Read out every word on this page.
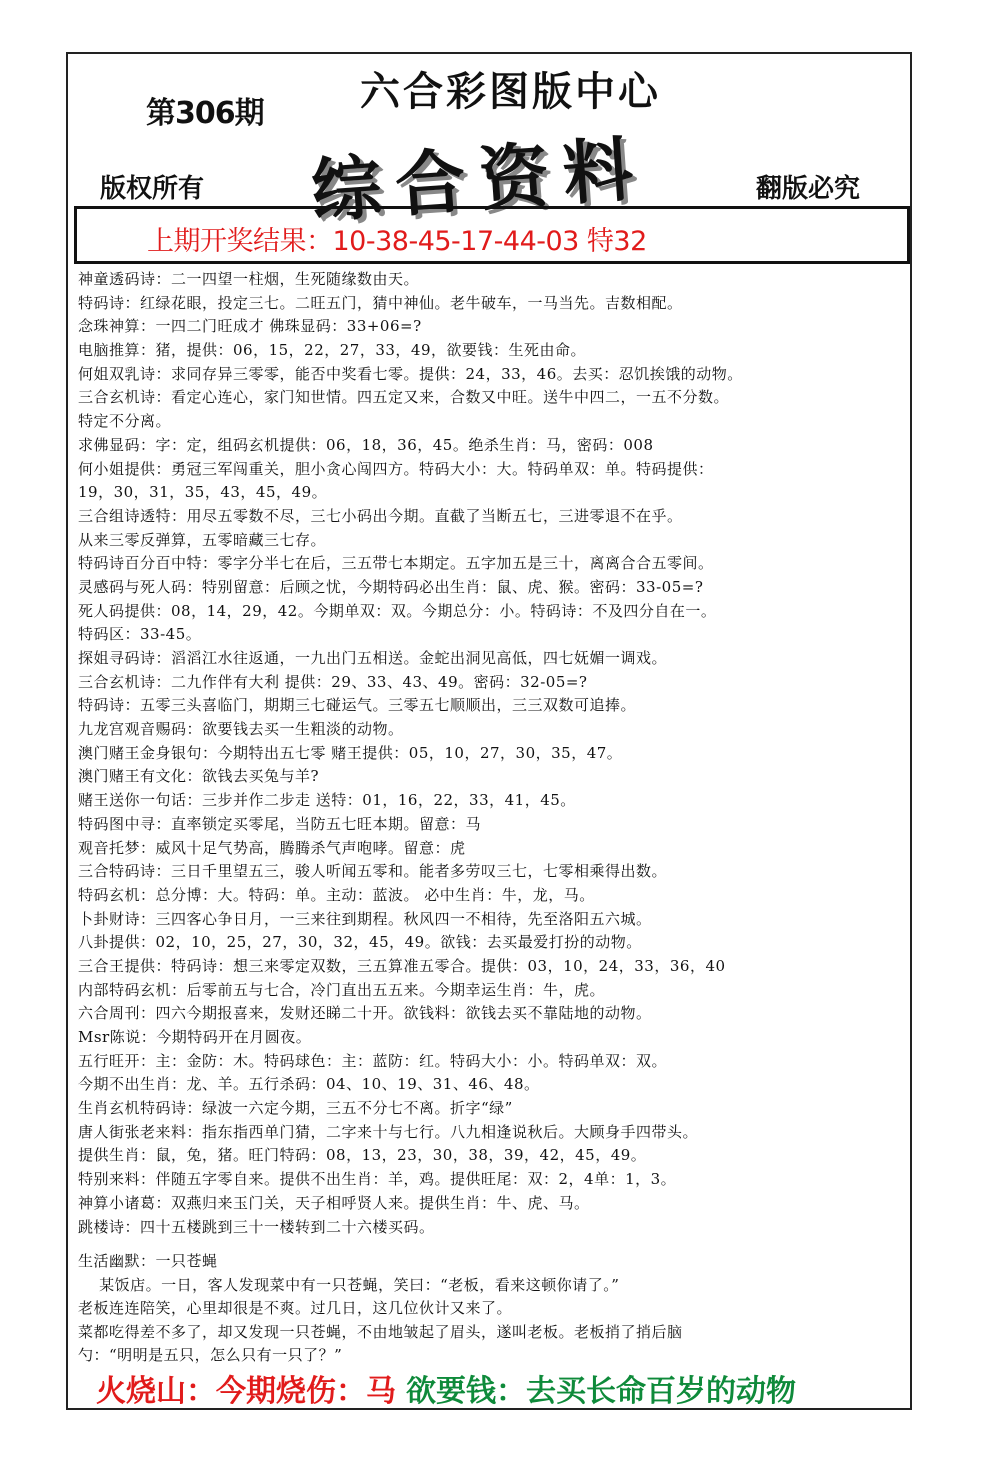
第306期 六合彩图版中心
综合资料
版权所有	翻版必究
上期开奖结果：10-38-45-17-44-03 特32
神童透码诗：二一四望一柱烟，生死随缘数由天。
特码诗：红绿花眼，投定三七。二旺五门，猜中神仙。老牛破车，一马当先。吉数相配。
念珠神算：一四二门旺成才 佛珠显码：33+06=?
电脑推算：猪，提供：06，15，22，27，33，49，欲要钱：生死由命。
何姐双乳诗：求同存异三零零，能否中奖看七零。提供：24，33，46。去买：忍饥挨饿的动物。
三合玄机诗：看定心连心，家门知世情。四五定又来，合数又中旺。送牛中四二，一五不分数。
特定不分离。
求佛显码：字：定，组码玄机提供：06，18，36，45。绝杀生肖：马，密码：008
何小姐提供：勇冠三军闯重关，胆小贪心闯四方。特码大小：大。特码单双：单。特码提供：
19，30，31，35，43，45，49。
三合组诗透特：用尽五零数不尽，三七小码出今期。直截了当断五七，三进零退不在乎。
从来三零反弹算，五零暗藏三七存。
特码诗百分百中特：零字分半七在后，三五带七本期定。五字加五是三十，离离合合五零间。
灵感码与死人码：特别留意：后顾之忧，今期特码必出生肖：鼠、虎、猴。密码：33-05=?
死人码提供：08，14，29，42。今期单双：双。今期总分：小。特码诗：不及四分自在一。
特码区：33-45。
探姐寻码诗：滔滔江水往返通，一九出门五相送。金蛇出洞见高低，四七妩媚一调戏。
三合玄机诗：二九作伴有大利 提供：29、33、43、49。密码：32-05=?
特码诗：五零三头喜临门，期期三七碰运气。三零五七顺顺出，三三双数可追捧。
九龙宫观音赐码：欲要钱去买一生粗淡的动物。
澳门赌王金身银句：今期特出五七零 赌王提供：05，10，27，30，35，47。
澳门赌王有文化：欲钱去买兔与羊?
赌王送你一句话：三步并作二步走 送特：01，16，22，33，41，45。
特码图中寻：直率锁定买零尾，当防五七旺本期。留意：马
观音托梦：威风十足气势高，腾腾杀气声咆哮。留意：虎
三合特码诗：三日千里望五三，骏人听闻五零和。能者多劳叹三七，七零相乘得出数。
特码玄机：总分博：大。特码：单。主动：蓝波。 必中生肖：牛，龙，马。
卜卦财诗：三四客心争日月，一三来往到期程。秋风四一不相待，先至洛阳五六城。
八卦提供：02，10，25，27，30，32，45，49。欲钱：去买最爱打扮的动物。
三合王提供：特码诗：想三来零定双数，三五算准五零合。提供：03，10，24，33，36，40
内部特码玄机：后零前五与七合，冷门直出五五来。今期幸运生肖：牛，虎。
六合周刊：四六今期报喜来，发财还睇二十开。欲钱料：欲钱去买不靠陆地的动物。
Msr陈说：今期特码开在月圆夜。
五行旺开：主：金防：木。特码球色：主：蓝防：红。特码大小：小。特码单双：双。
今期不出生肖：龙、羊。五行杀码：04、10、19、31、46、48。
生肖玄机特码诗：绿波一六定今期，三五不分七不离。折字“绿”
唐人街张老来料：指东指西单门猜，二字来十与七行。八九相逢说秋后。大顾身手四带头。
提供生肖：鼠，兔，猪。旺门特码：08，13，23，30，38，39，42，45，49。
特别来料：伴随五字零自来。提供不出生肖：羊，鸡。提供旺尾：双：2，4单：1，3。
神算小诸葛：双燕归来玉门关，天子相呼贤人来。提供生肖：牛、虎、马。
跳楼诗：四十五楼跳到三十一楼转到二十六楼买码。
生活幽默：一只苍蝇
某饭店。一日，客人发现菜中有一只苍蝇，笑曰：“老板，看来这顿你请了。”
老板连连陪笑，心里却很是不爽。过几日，这几位伙计又来了。
菜都吃得差不多了，却又发现一只苍蝇，不由地皱起了眉头，遂叫老板。老板捎了捎后脑
勺：“明明是五只，怎么只有一只了？”
火烧山：今期烧伤：马 欲要钱：去买长命百岁的动物
